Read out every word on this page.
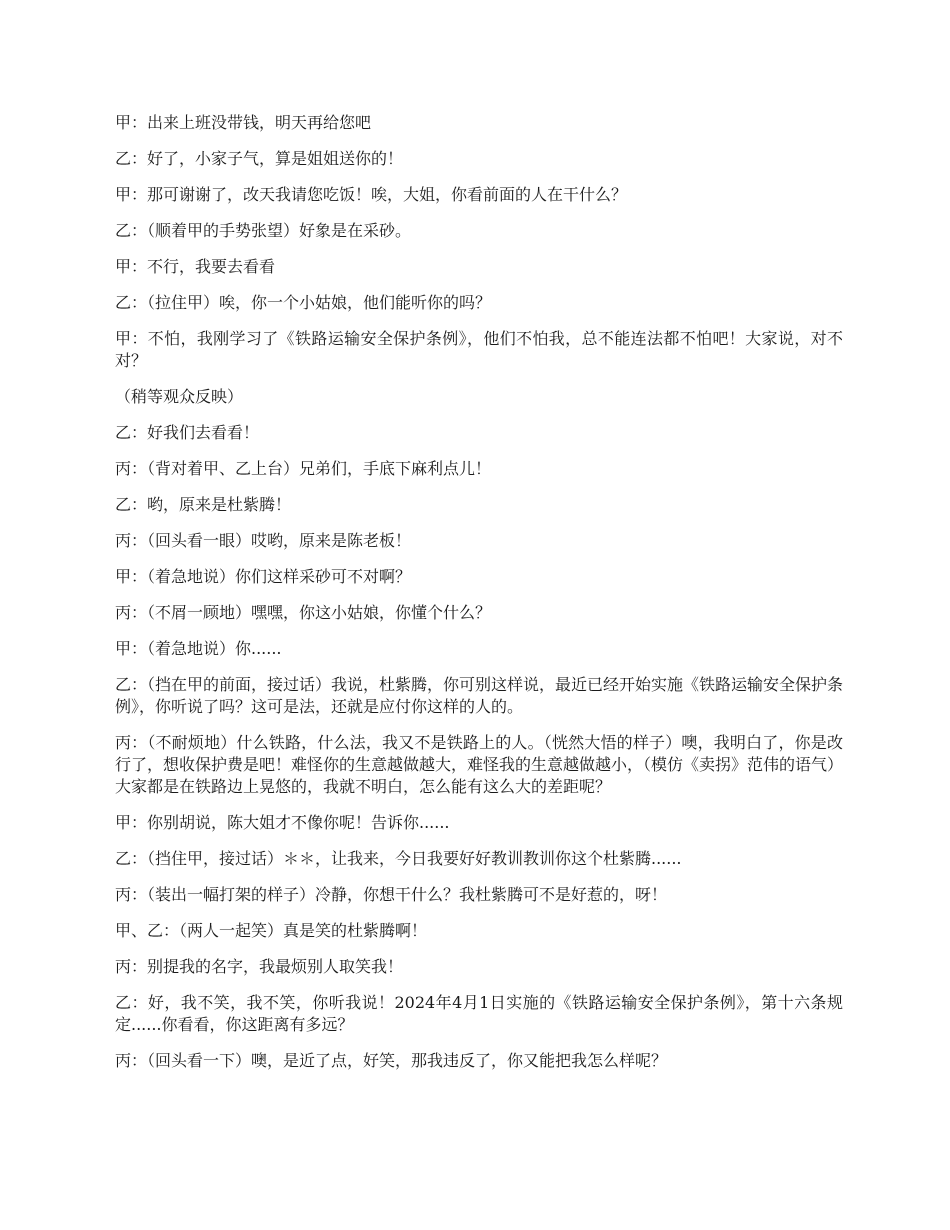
甲：出来上班没带钱，明天再给您吧

乙：好了，小家子气，算是姐姐送你的！

甲：那可谢谢了，改天我请您吃饭！唉，大姐，你看前面的人在干什么？

乙：（顺着甲的手势张望）好象是在采砂。

甲：不行，我要去看看

乙：（拉住甲）唉，你一个小姑娘，他们能听你的吗？

甲：不怕，我刚学习了《铁路运输安全保护条例》，他们不怕我，总不能连法都不怕吧！大家说，对不对？

（稍等观众反映）

乙：好我们去看看！

丙：（背对着甲、乙上台）兄弟们，手底下麻利点儿！

乙：哟，原来是杜紫腾！

丙：（回头看一眼）哎哟，原来是陈老板！

甲：（着急地说）你们这样采砂可不对啊？

丙：（不屑一顾地）嘿嘿，你这小姑娘，你懂个什么？

甲：（着急地说）你......

乙：（挡在甲的前面，接过话）我说，杜紫腾，你可别这样说，最近已经开始实施《铁路运输安全保护条例》，你听说了吗？这可是法，还就是应付你这样的人的。

丙：（不耐烦地）什么铁路，什么法，我又不是铁路上的人。（恍然大悟的样子）噢，我明白了，你是改行了，想收保护费是吧！难怪你的生意越做越大，难怪我的生意越做越小，（模仿《卖拐》范伟的语气）大家都是在铁路边上晃悠的，我就不明白，怎么能有这么大的差距呢？

甲：你别胡说，陈大姐才不像你呢！告诉你......

乙：（挡住甲，接过话）＊＊，让我来，今日我要好好教训教训你这个杜紫腾......

丙：（装出一幅打架的样子）冷静，你想干什么？我杜紫腾可不是好惹的，呀！

甲、乙：（两人一起笑）真是笑的杜紫腾啊！

丙：别提我的名字，我最烦别人取笑我！

乙：好，我不笑，我不笑，你听我说！2024年4月1日实施的《铁路运输安全保护条例》，第十六条规定......你看看，你这距离有多远？

丙：（回头看一下）噢，是近了点，好笑，那我违反了，你又能把我怎么样呢？
